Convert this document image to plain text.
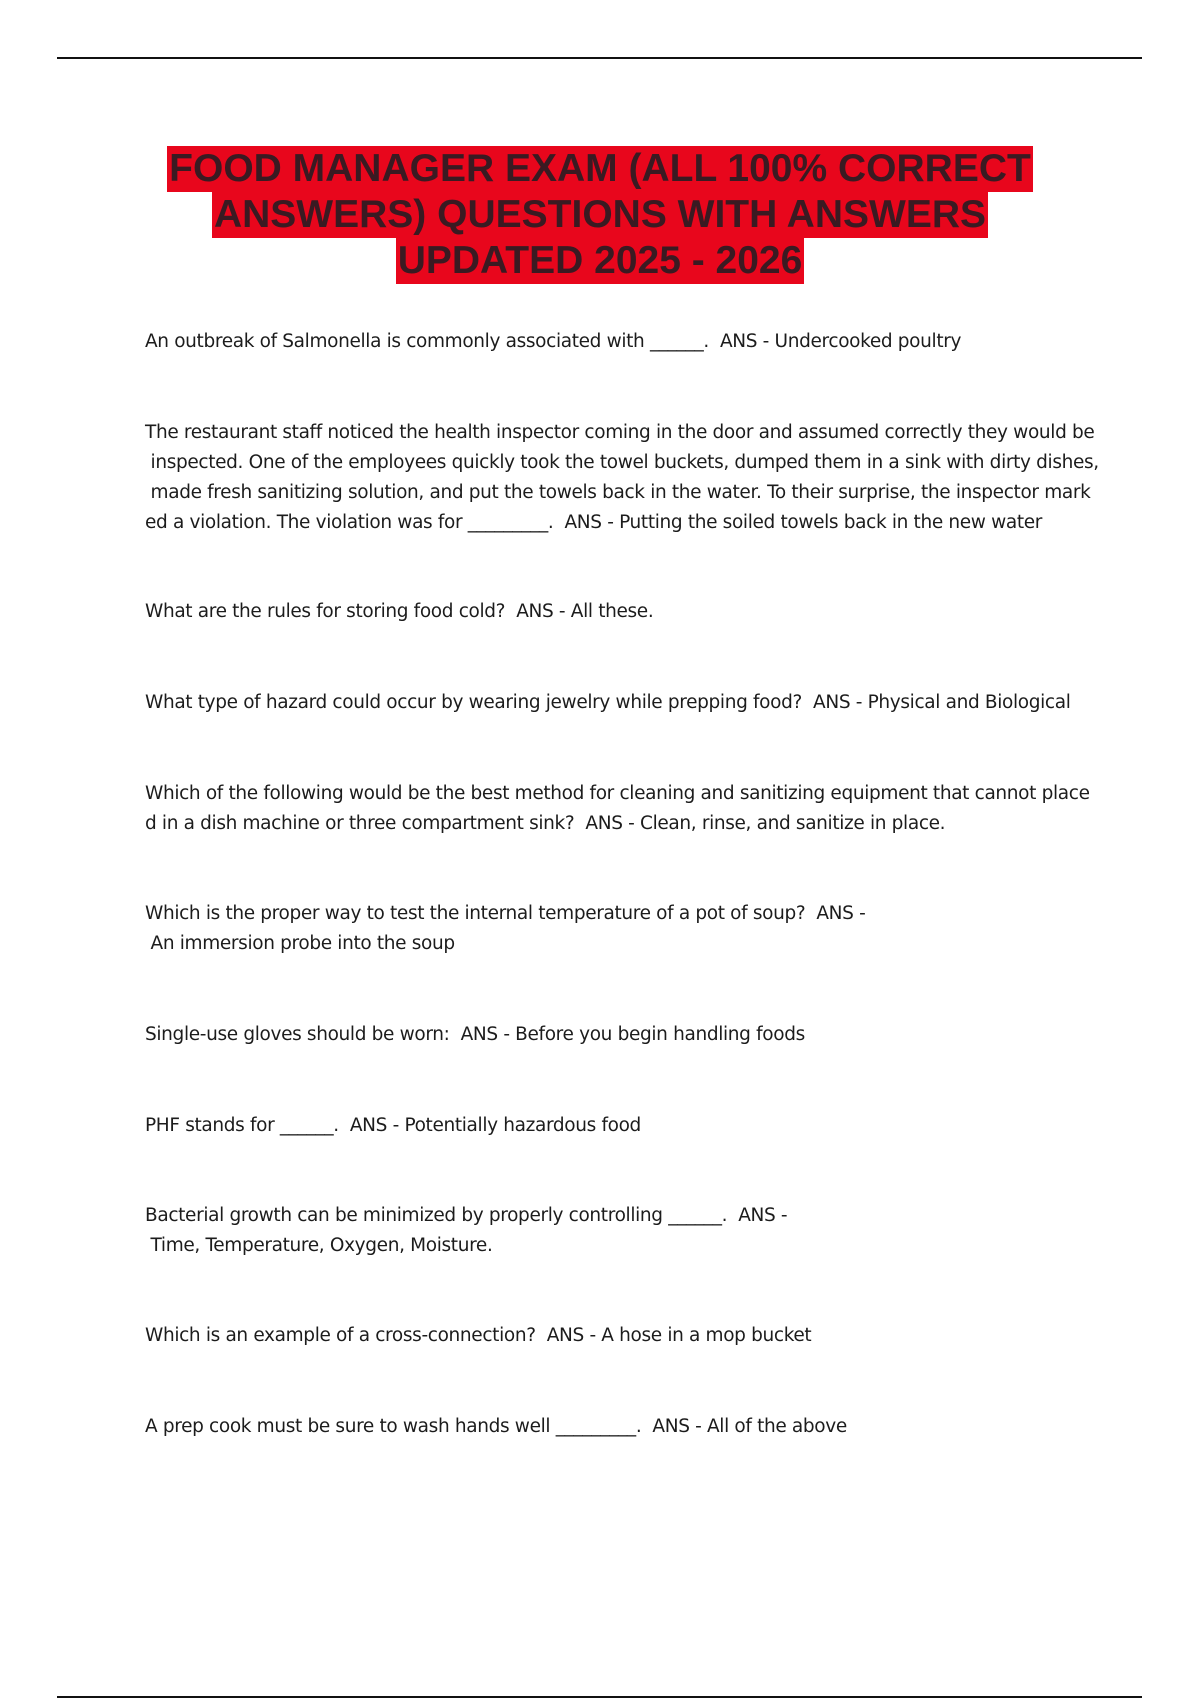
FOOD MANAGER EXAM (ALL 100% CORRECT
ANSWERS) QUESTIONS WITH ANSWERS
UPDATED 2025 - 2026
An outbreak of Salmonella is commonly associated with ______.  ANS - Undercooked poultry
The restaurant staff noticed the health inspector coming in the door and assumed correctly they would be
inspected. One of the employees quickly took the towel buckets, dumped them in a sink with dirty dishes,
made fresh sanitizing solution, and put the towels back in the water. To their surprise, the inspector mark
ed a violation. The violation was for _________.  ANS - Putting the soiled towels back in the new water
What are the rules for storing food cold?  ANS - All these.
What type of hazard could occur by wearing jewelry while prepping food?  ANS - Physical and Biological
Which of the following would be the best method for cleaning and sanitizing equipment that cannot place
d in a dish machine or three compartment sink?  ANS - Clean, rinse, and sanitize in place.
Which is the proper way to test the internal temperature of a pot of soup?  ANS -
An immersion probe into the soup
Single-use gloves should be worn:  ANS - Before you begin handling foods
PHF stands for ______.  ANS - Potentially hazardous food
Bacterial growth can be minimized by properly controlling ______.  ANS -
Time, Temperature, Oxygen, Moisture.
Which is an example of a cross-connection?  ANS - A hose in a mop bucket
A prep cook must be sure to wash hands well _________.  ANS - All of the above
